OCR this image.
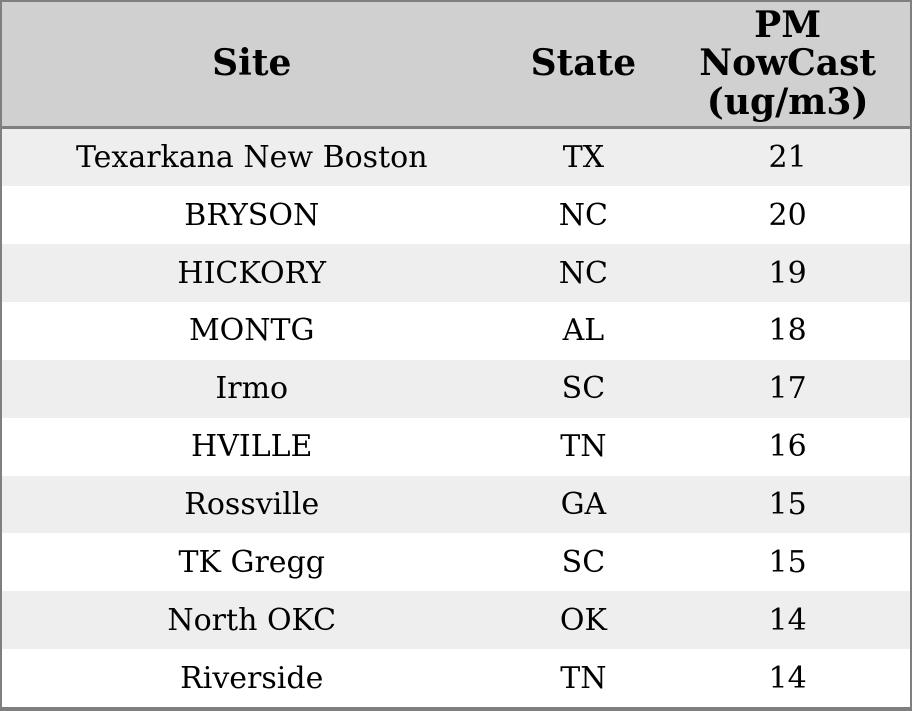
Site	State	PM NowCast (ug/m3)
Texarkana New Boston	TX	21
BRYSON	NC	20
HICKORY	NC	19
MONTG	AL	18
Irmo	SC	17
HVILLE	TN	16
Rossville	GA	15
TK Gregg	SC	15
North OKC	OK	14
Riverside	TN	14
